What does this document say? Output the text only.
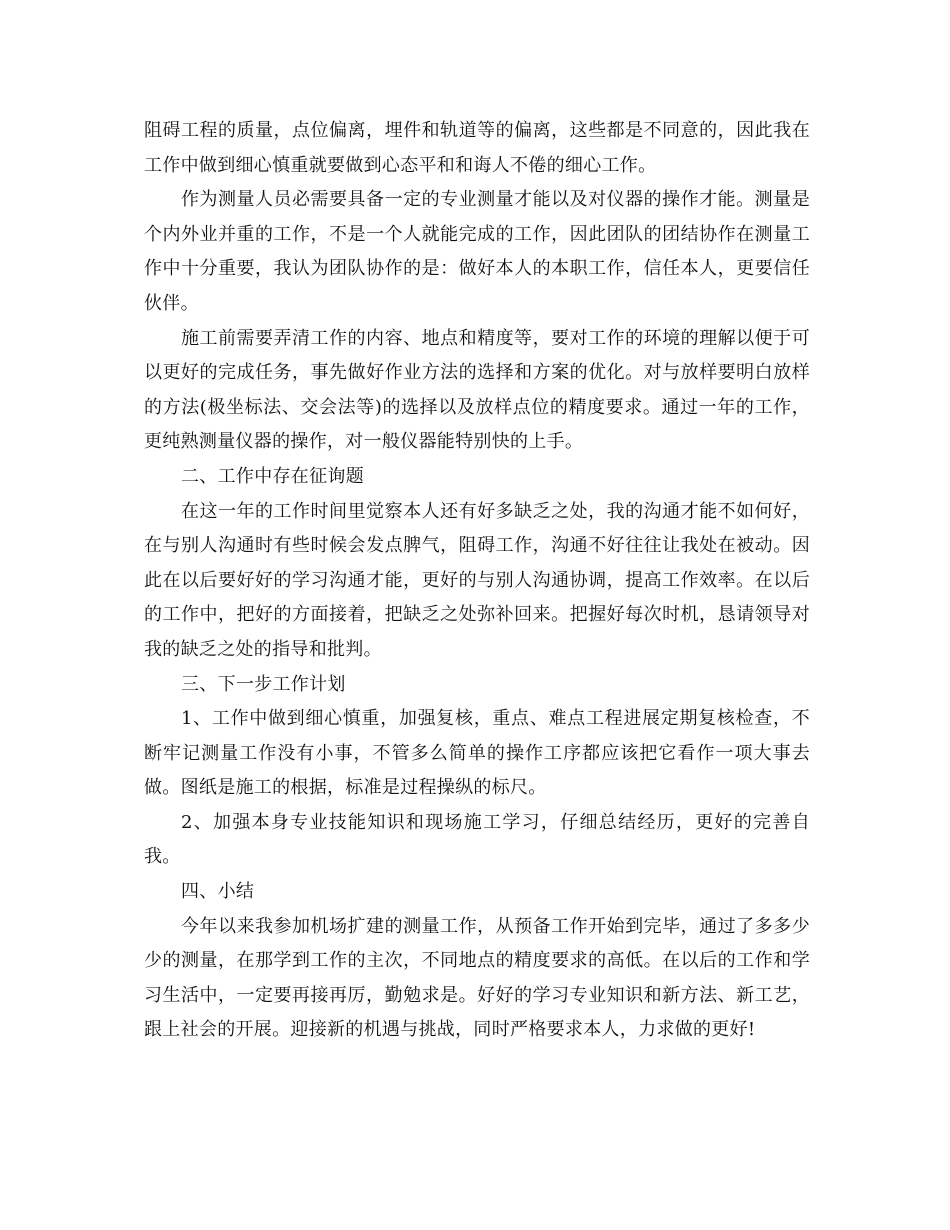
阻碍工程的质量，点位偏离，埋件和轨道等的偏离，这些都是不同意的，因此我在工作中做到细心慎重就要做到心态平和和诲人不倦的细心工作。

作为测量人员必需要具备一定的专业测量才能以及对仪器的操作才能。测量是个内外业并重的工作，不是一个人就能完成的工作，因此团队的团结协作在测量工作中十分重要，我认为团队协作的是：做好本人的本职工作，信任本人，更要信任伙伴。

施工前需要弄清工作的内容、地点和精度等，要对工作的环境的理解以便于可以更好的完成任务，事先做好作业方法的选择和方案的优化。对与放样要明白放样的方法(极坐标法、交会法等)的选择以及放样点位的精度要求。通过一年的工作，更纯熟测量仪器的操作，对一般仪器能特别快的上手。

二、工作中存在征询题

在这一年的工作时间里觉察本人还有好多缺乏之处，我的沟通才能不如何好，在与别人沟通时有些时候会发点脾气，阻碍工作，沟通不好往往让我处在被动。因此在以后要好好的学习沟通才能，更好的与别人沟通协调，提高工作效率。在以后的工作中，把好的方面接着，把缺乏之处弥补回来。把握好每次时机，恳请领导对我的缺乏之处的指导和批判。

三、下一步工作计划

1、工作中做到细心慎重，加强复核，重点、难点工程进展定期复核检查，不断牢记测量工作没有小事，不管多么简单的操作工序都应该把它看作一项大事去做。图纸是施工的根据，标准是过程操纵的标尺。

2、加强本身专业技能知识和现场施工学习，仔细总结经历，更好的完善自我。

四、小结

今年以来我参加机场扩建的测量工作，从预备工作开始到完毕，通过了多多少少的测量，在那学到工作的主次，不同地点的精度要求的高低。在以后的工作和学习生活中，一定要再接再厉，勤勉求是。好好的学习专业知识和新方法、新工艺，跟上社会的开展。迎接新的机遇与挑战，同时严格要求本人，力求做的更好!
